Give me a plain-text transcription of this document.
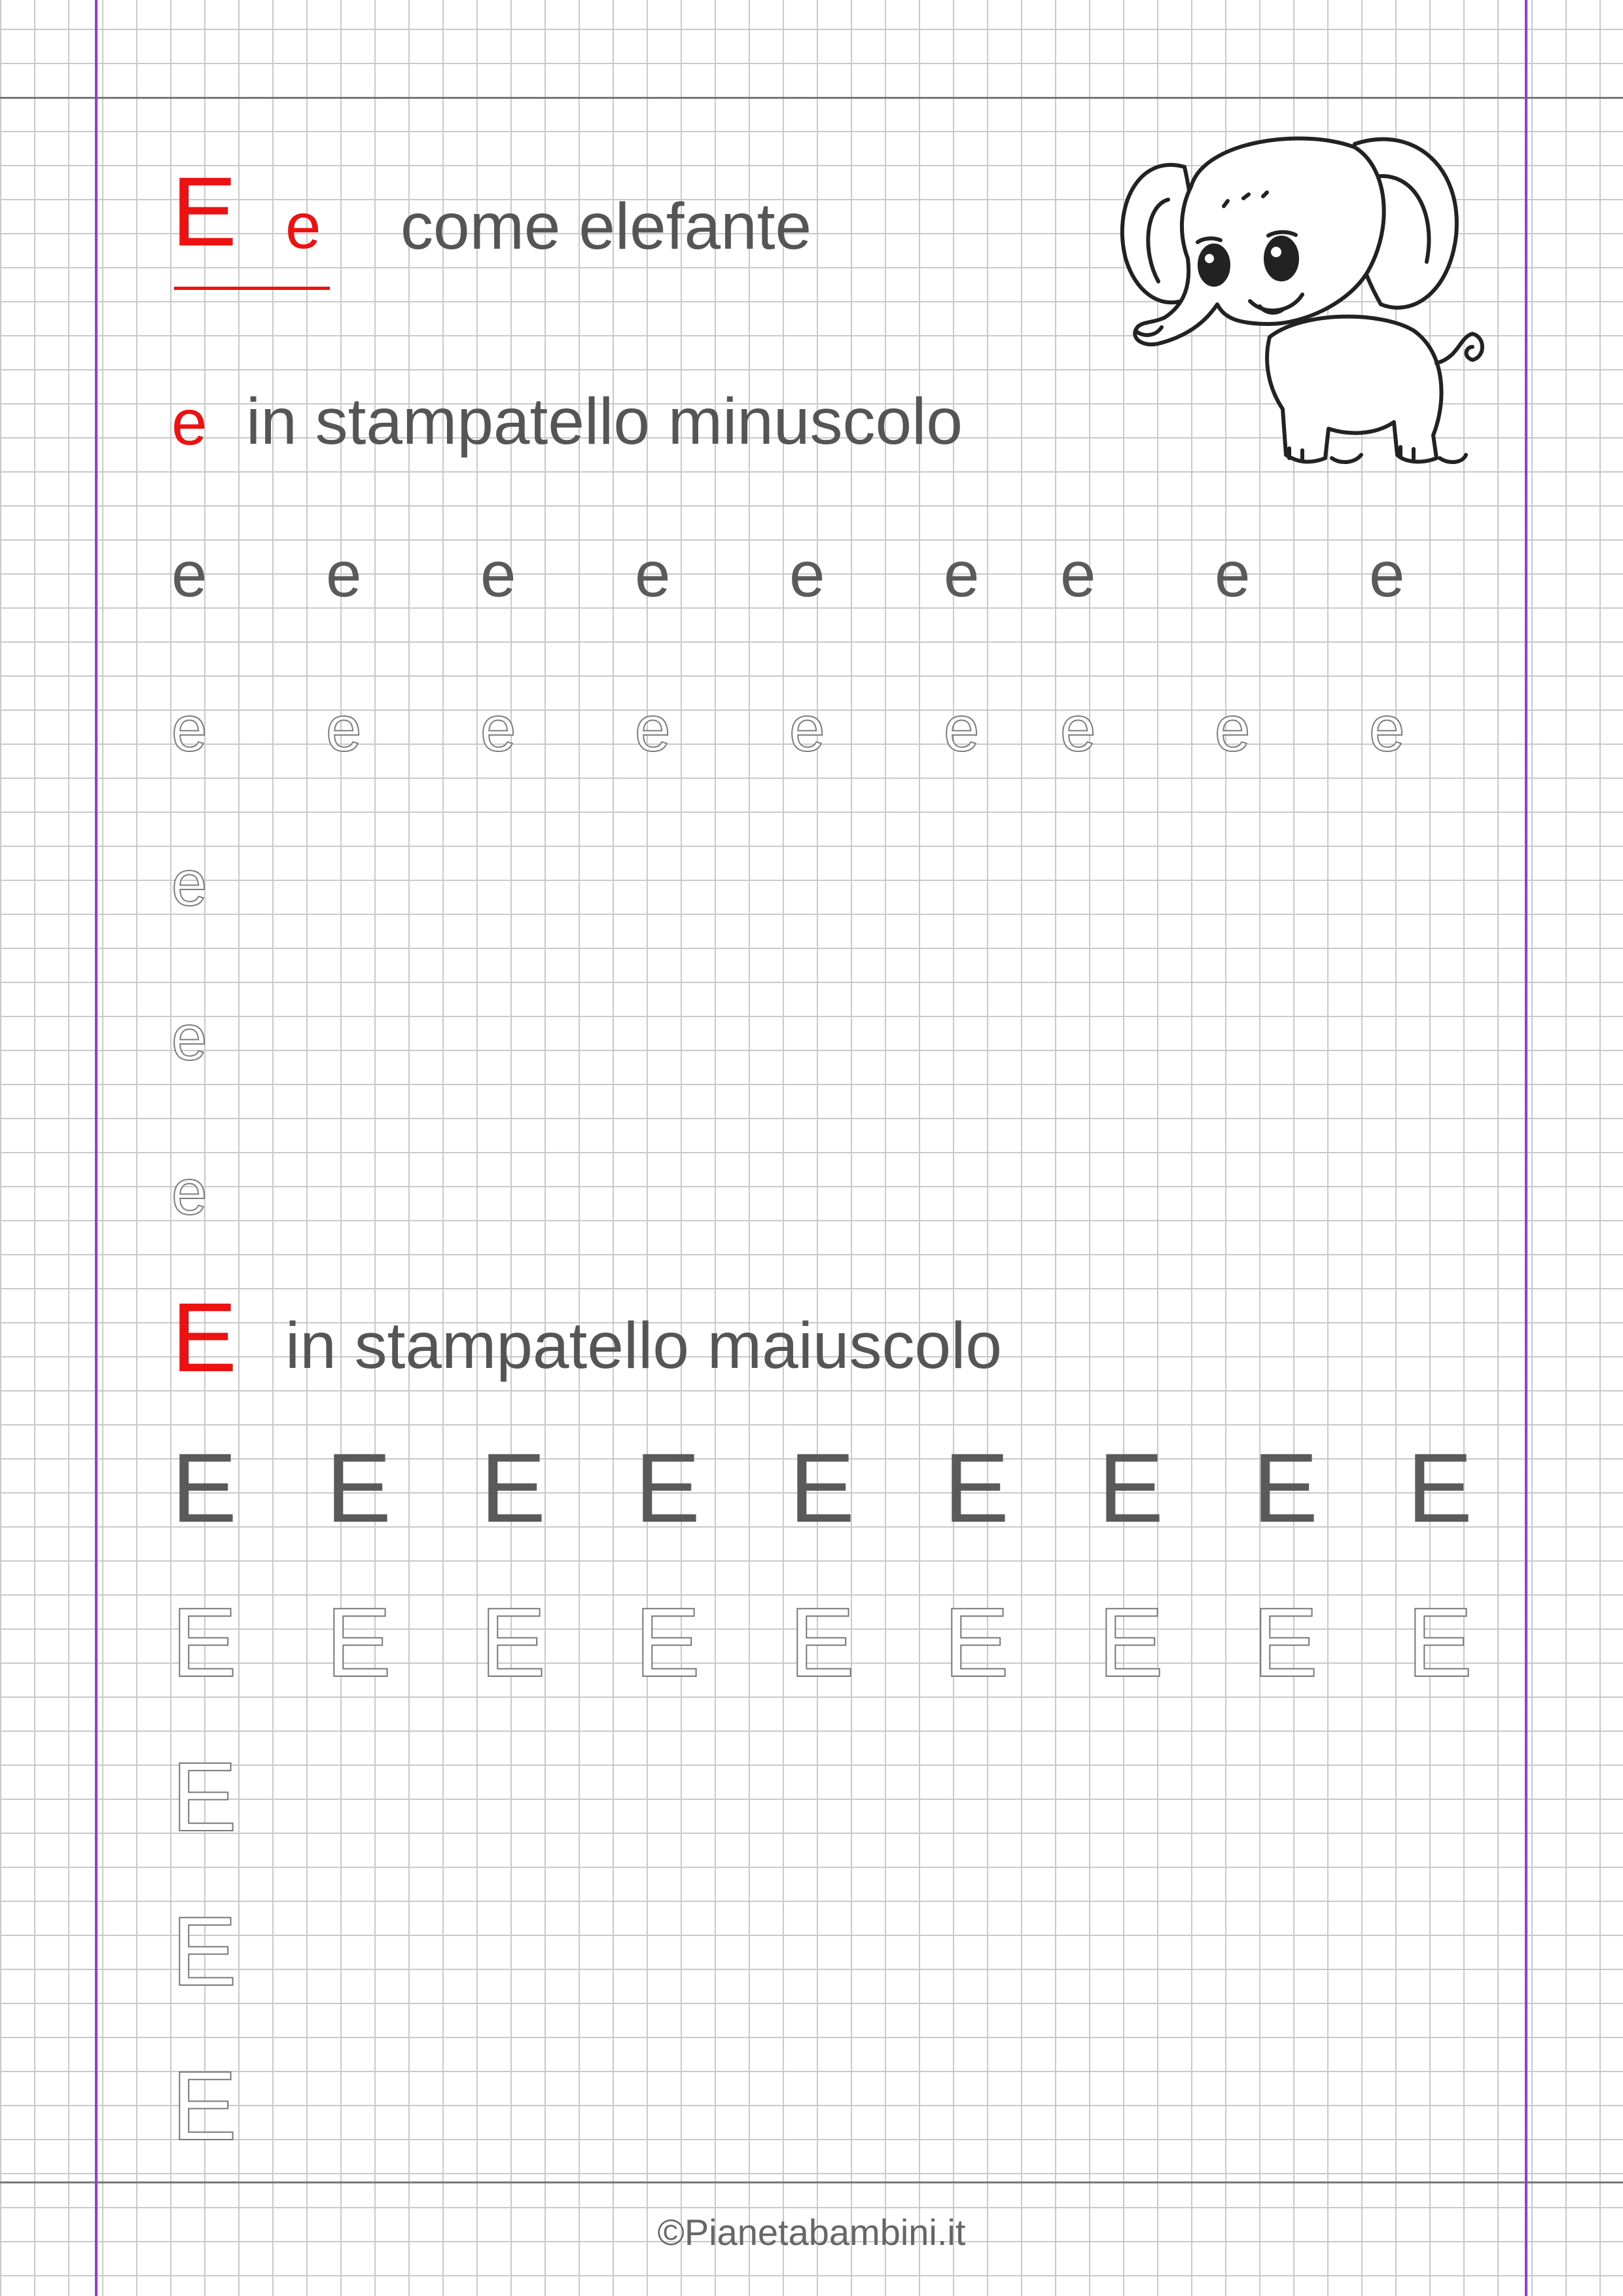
E e come elefante
e in stampatello minuscolo
e e e e e e e e e
e e e e e e e e e
e
e
e
E in stampatello maiuscolo
E E E E E E E E E
E E E E E E E E E
E
E
E
©Pianetabambini.it
